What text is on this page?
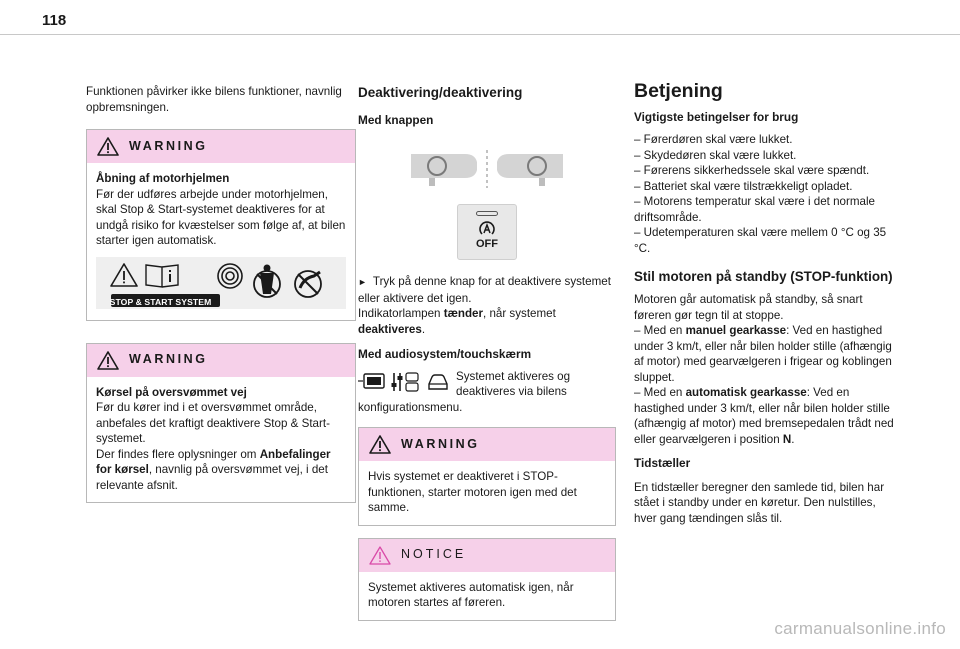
118

Funktionen påvirker ikke bilens funktioner, navnlig opbremsningen.

WARNING

Åbning af motorhjelmen

Før der udføres arbejde under motorhjelmen, skal Stop & Start-systemet deaktiveres for at undgå risiko for kvæstelser som følge af, at bilen starter igen automatisk.

STOP & START SYSTEM
WARNING

Kørsel på oversvømmet vej

Før du kører ind i et oversvømmet område, anbefales det kraftigt deaktivere Stop & Start-systemet.

Der findes flere oplysninger om Anbefalinger for kørsel, navnlig på oversvømmet vej, i det relevante afsnit.

Deaktivering/deaktivering
Med knappen
OFF

► Tryk på denne knap for at deaktivere systemet eller aktivere det igen.

Indikatorlampen tænder, når systemet deaktiveres.

Med audiosystem/touchskærm

Systemet aktiveres og deaktiveres via bilens

konfigurationsmenu.

WARNING

Hvis systemet er deaktiveret i STOP-funktionen, starter motoren igen med det samme.

NOTICE

Systemet aktiveres automatisk igen, når motoren startes af føreren.

Betjening
Vigtigste betingelser for brug
– Førerdøren skal være lukket.
– Skydedøren skal være lukket.
– Førerens sikkerhedssele skal være spændt.
– Batteriet skal være tilstrækkeligt opladet.
– Motorens temperatur skal være i det normale driftsområde.
– Udetemperaturen skal være mellem 0 °C og 35 °C.
Stil motoren på standby (STOP-funktion)

Motoren går automatisk på standby, så snart føreren gør tegn til at stoppe.

– Med en manuel gearkasse: Ved en hastighed under 3 km/t, eller når bilen holder stille (afhængig af motor) med gearvælgeren i frigear og koblingen sluppet.

– Med en automatisk gearkasse: Ved en hastighed under 3 km/t, eller når bilen holder stille (afhængig af motor) med bremsepedalen trådt ned eller gearvælgeren i position N.

Tidstæller

En tidstæller beregner den samlede tid, bilen har stået i standby under en køretur. Den nulstilles, hver gang tændingen slås til.

carmanualsonline.info
